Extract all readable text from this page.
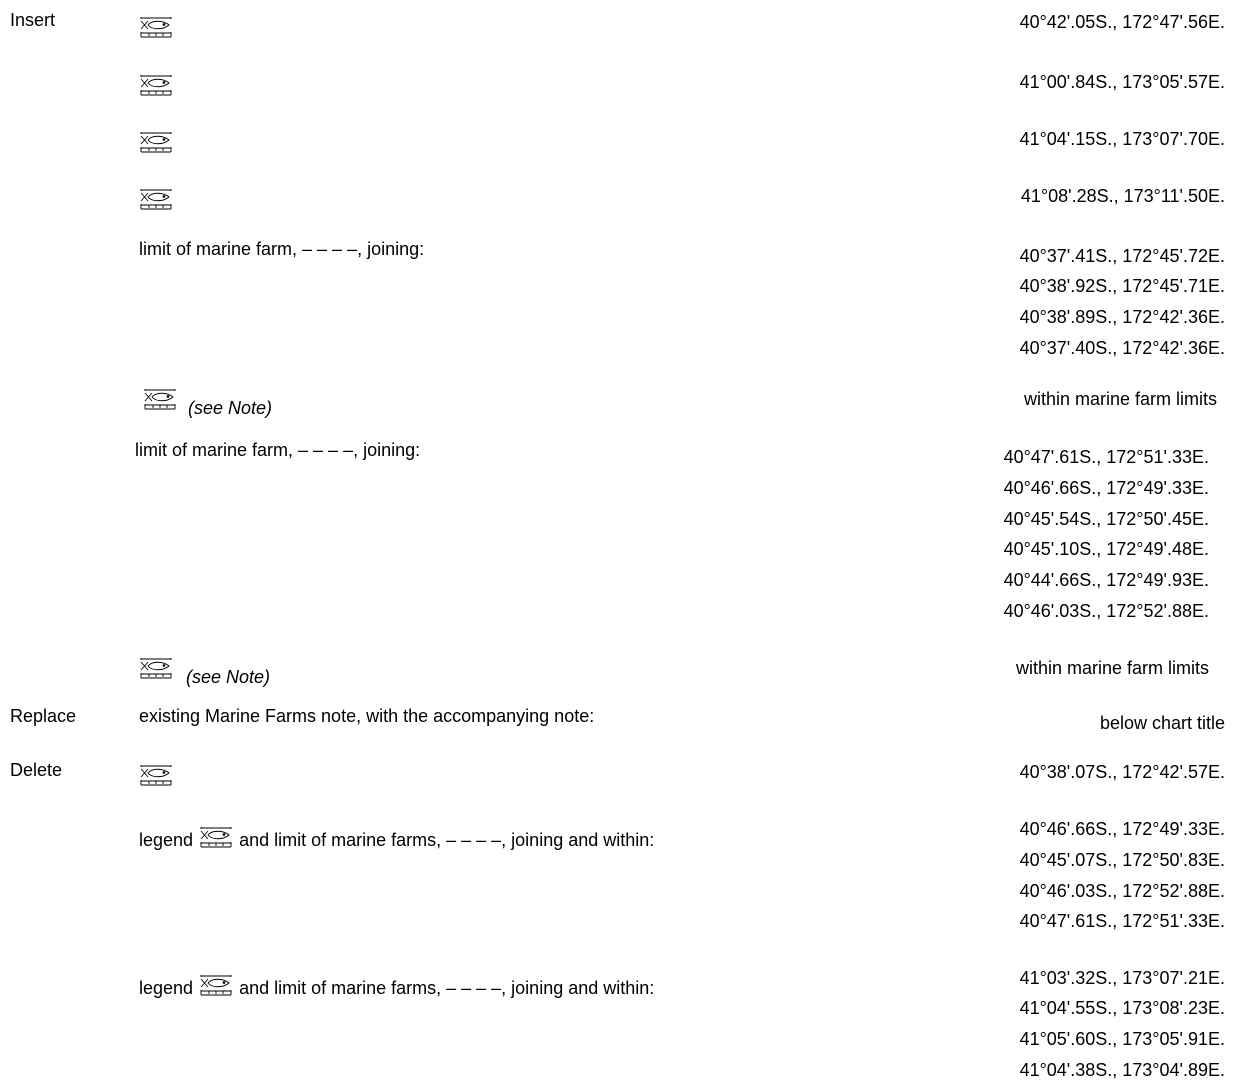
Insert	40°42'.05S., 172°47'.56E.
41°00'.84S., 173°05'.57E.
41°04'.15S., 173°07'.70E.
41°08'.28S., 173°11'.50E.
limit of marine farm, – – – –, joining:	40°37'.41S., 172°45'.72E.
40°38'.92S., 172°45'.71E.
40°38'.89S., 172°42'.36E.
40°37'.40S., 172°42'.36E.
(see Note)	within marine farm limits
limit of marine farm, – – – –, joining:	40°47'.61S., 172°51'.33E.
40°46'.66S., 172°49'.33E.
40°45'.54S., 172°50'.45E.
40°45'.10S., 172°49'.48E.
40°44'.66S., 172°49'.93E.
40°46'.03S., 172°52'.88E.
(see Note)	within marine farm limits
Replace	existing Marine Farms note, with the accompanying note:	below chart title
Delete	40°38'.07S., 172°42'.57E.
legend	and limit of marine farms, – – – –, joining and within:
40°46'.66S., 172°49'.33E.
40°45'.07S., 172°50'.83E.
40°46'.03S., 172°52'.88E.
40°47'.61S., 172°51'.33E.
legend	and limit of marine farms, – – – –, joining and within:	41°03'.32S., 173°07'.21E.
41°04'.55S., 173°08'.23E.
41°05'.60S., 173°05'.91E.
41°04'.38S., 173°04'.89E.
